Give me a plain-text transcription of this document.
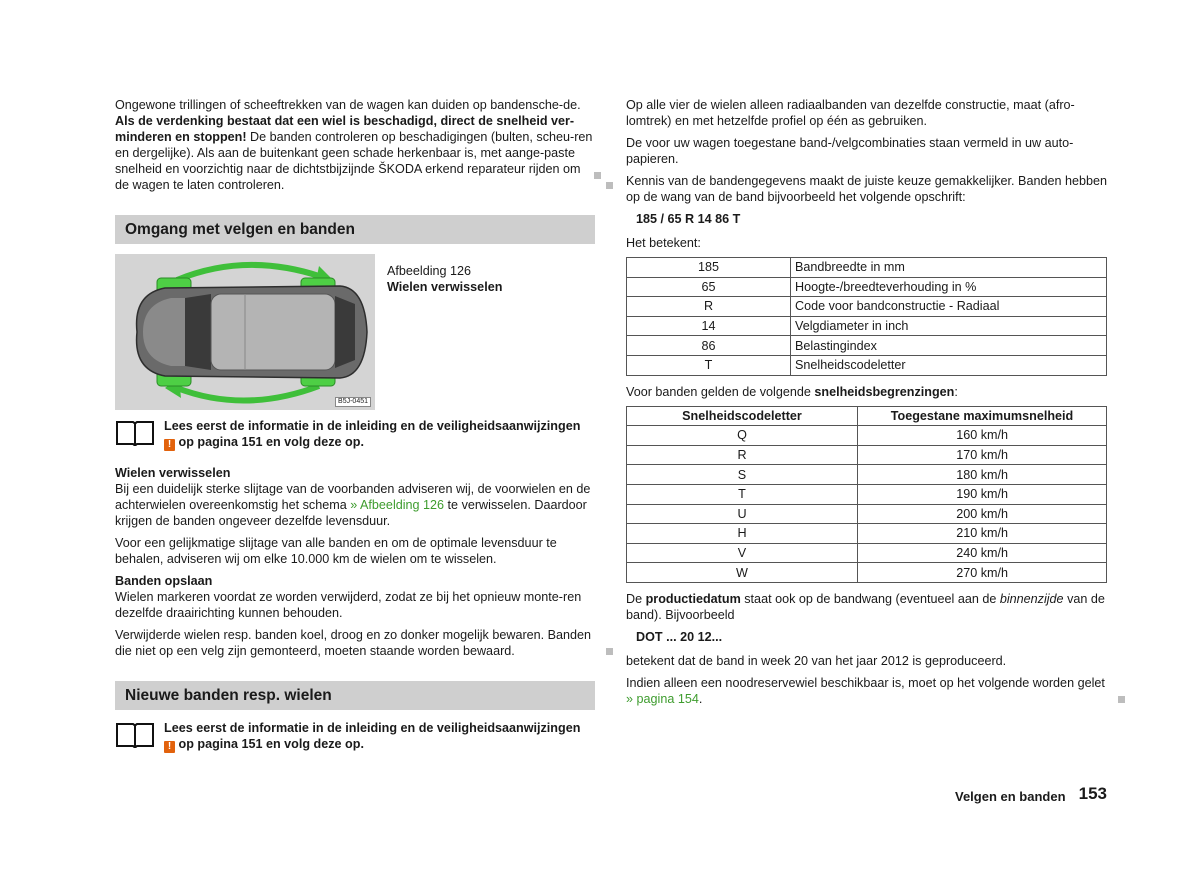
Ongewone trillingen of scheeftrekken van de wagen kan duiden op bandensche-de. Als de verdenking bestaat dat een wiel is beschadigd, direct de snelheid ver-minderen en stoppen! De banden controleren op beschadigingen (bulten, scheu-ren en dergelijke). Als aan de buitenkant geen schade herkenbaar is, met aange-paste snelheid en voorzichtig naar de dichtstbijzijnde ŠKODA erkend reparateur rijden om de wagen te laten controleren.

Omgang met velgen en banden
B5J-0451
Afbeelding 126
Wielen verwisselen
Lees eerst de informatie in de inleiding en de veiligheidsaanwijzingen
! op pagina 151 en volg deze op.

Wielen verwisselen

Bij een duidelijk sterke slijtage van de voorbanden adviseren wij, de voorwielen en de achterwielen overeenkomstig het schema » Afbeelding 126 te verwisselen. Daardoor krijgen de banden ongeveer dezelfde levensduur.

Voor een gelijkmatige slijtage van alle banden en om de optimale levensduur te behalen, adviseren wij om elke 10.000 km de wielen om te wisselen.

Banden opslaan

Wielen markeren voordat ze worden verwijderd, zodat ze bij het opnieuw monte-ren dezelfde draairichting kunnen behouden.

Verwijderde wielen resp. banden koel, droog en zo donker mogelijk bewaren. Banden die niet op een velg zijn gemonteerd, moeten staande worden bewaard.

Nieuwe banden resp. wielen
Lees eerst de informatie in de inleiding en de veiligheidsaanwijzingen
! op pagina 151 en volg deze op.

Op alle vier de wielen alleen radiaalbanden van dezelfde constructie, maat (afro-lomtrek) en met hetzelfde profiel op één as gebruiken.

De voor uw wagen toegestane band-/velgcombinaties staan vermeld in uw auto-papieren.

Kennis van de bandengegevens maakt de juiste keuze gemakkelijker. Banden hebben op de wang van de band bijvoorbeeld het volgende opschrift:

185 / 65 R 14 86 T

Het betekent:

185	Bandbreedte in mm
65	Hoogte-/breedteverhouding in %
R	Code voor bandconstructie - Radiaal
14	Velgdiameter in inch
86	Belastingindex
T	Snelheidscodeletter

Voor banden gelden de volgende snelheidsbegrenzingen:

Snelheidscodeletter	Toegestane maximumsnelheid
Q	160 km/h
R	170 km/h
S	180 km/h
T	190 km/h
U	200 km/h
H	210 km/h
V	240 km/h
W	270 km/h

De productiedatum staat ook op de bandwang (eventueel aan de binnenzijde van de band). Bijvoorbeeld

DOT ... 20 12...

betekent dat de band in week 20 van het jaar 2012 is geproduceerd.

Indien alleen een noodreservewiel beschikbaar is, moet op het volgende worden gelet » pagina 154.

Velgen en banden 153
